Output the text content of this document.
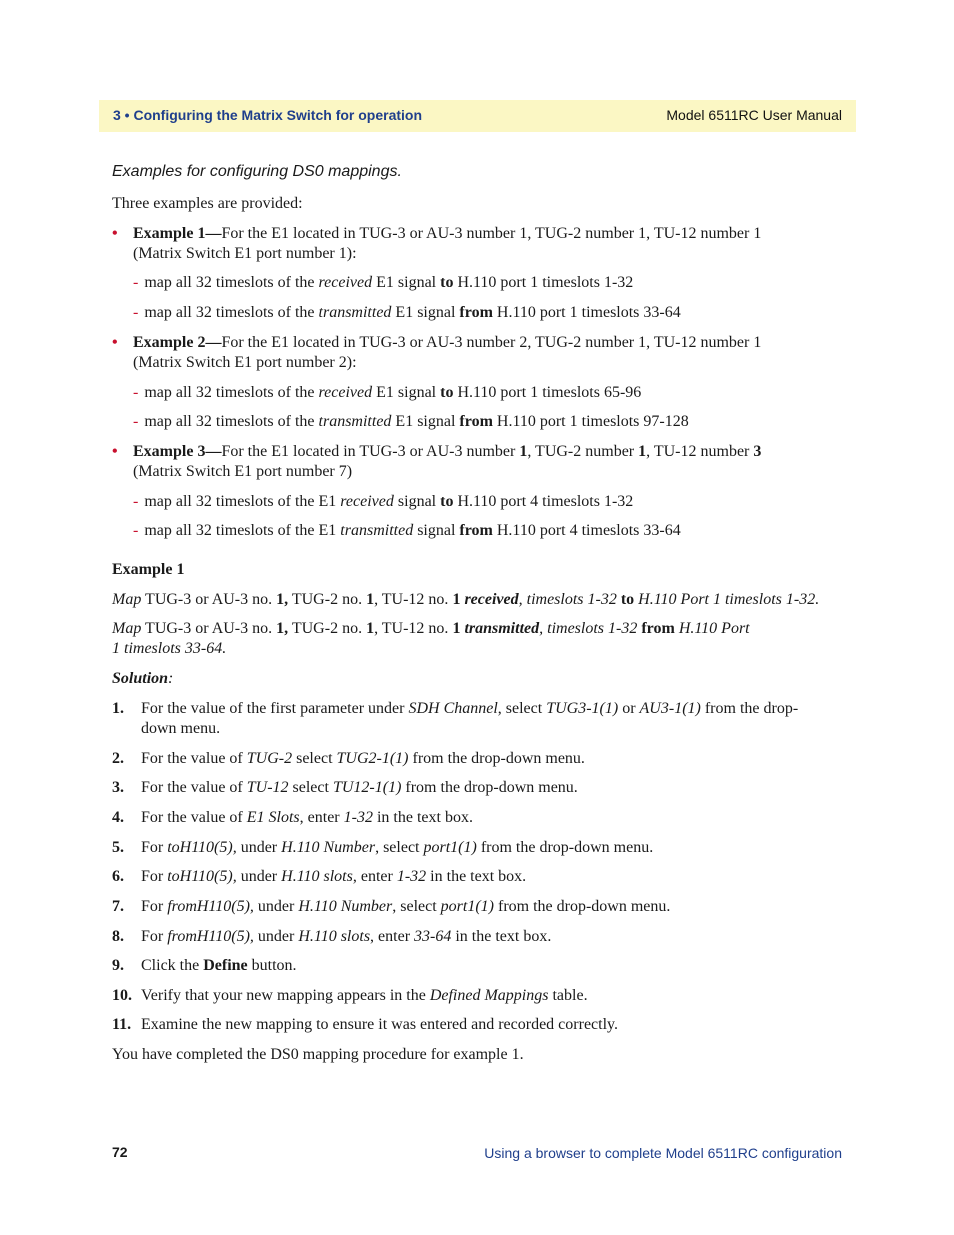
3 • Configuring the Matrix Switch for operation	Model 6511RC User Manual
Examples for configuring DS0 mappings.
Three examples are provided:
• Example 1—For the E1 located in TUG-3 or AU-3 number 1, TUG-2 number 1, TU-12 number 1
(Matrix Switch E1 port number 1):
- map all 32 timeslots of the received E1 signal to H.110 port 1 timeslots 1-32
- map all 32 timeslots of the transmitted E1 signal from H.110 port 1 timeslots 33-64
• Example 2—For the E1 located in TUG-3 or AU-3 number 2, TUG-2 number 1, TU-12 number 1
(Matrix Switch E1 port number 2):
- map all 32 timeslots of the received E1 signal to H.110 port 1 timeslots 65-96
- map all 32 timeslots of the transmitted E1 signal from H.110 port 1 timeslots 97-128
• Example 3—For the E1 located in TUG-3 or AU-3 number 1, TUG-2 number 1, TU-12 number 3
(Matrix Switch E1 port number 7)
- map all 32 timeslots of the E1 received signal to H.110 port 4 timeslots 1-32
- map all 32 timeslots of the E1 transmitted signal from H.110 port 4 timeslots 33-64
Example 1
Map TUG-3 or AU-3 no. 1, TUG-2 no. 1, TU-12 no. 1 received, timeslots 1-32 to H.110 Port 1 timeslots 1-32.
Map TUG-3 or AU-3 no. 1, TUG-2 no. 1, TU-12 no. 1 transmitted, timeslots 1-32 from H.110 Port
1 timeslots 33-64.
Solution:
1. For the value of the first parameter under SDH Channel, select TUG3-1(1) or AU3-1(1) from the drop-
down menu.
2. For the value of TUG-2 select TUG2-1(1) from the drop-down menu.
3. For the value of TU-12 select TU12-1(1) from the drop-down menu.
4. For the value of E1 Slots, enter 1-32 in the text box.
5. For toH110(5), under H.110 Number, select port1(1) from the drop-down menu.
6. For toH110(5), under H.110 slots, enter 1-32 in the text box.
7. For fromH110(5), under H.110 Number, select port1(1) from the drop-down menu.
8. For fromH110(5), under H.110 slots, enter 33-64 in the text box.
9. Click the Define button.
10. Verify that your new mapping appears in the Defined Mappings table.
11. Examine the new mapping to ensure it was entered and recorded correctly.
You have completed the DS0 mapping procedure for example 1.
72	Using a browser to complete Model 6511RC configuration
